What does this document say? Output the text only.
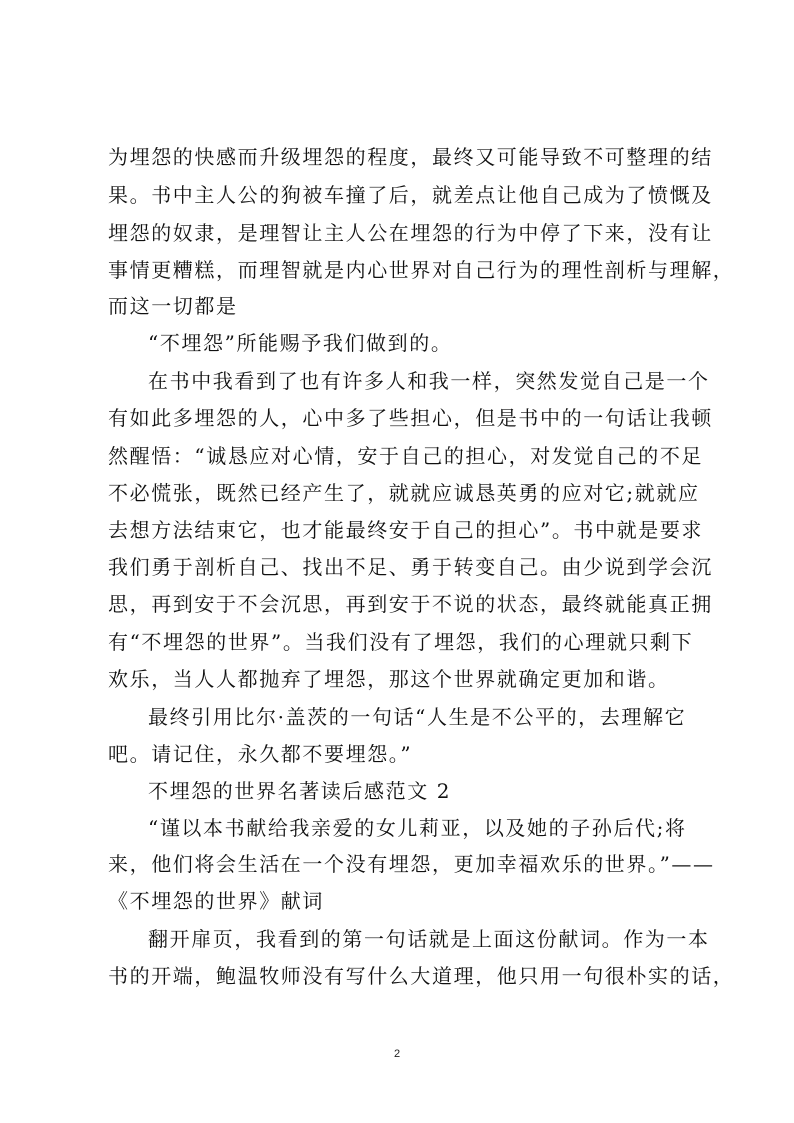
为埋怨的快感而升级埋怨的程度，最终又可能导致不可整理的结
果。书中主人公的狗被车撞了后，就差点让他自己成为了愤慨及
埋怨的奴隶，是理智让主人公在埋怨的行为中停了下来，没有让
事情更糟糕，而理智就是内心世界对自己行为的理性剖析与理解，
而这一切都是
“不埋怨”所能赐予我们做到的。
在书中我看到了也有许多人和我一样，突然发觉自己是一个
有如此多埋怨的人，心中多了些担心，但是书中的一句话让我顿
然醒悟：“诚恳应对心情，安于自己的担心，对发觉自己的不足
不必慌张，既然已经产生了，就就应诚恳英勇的应对它;就就应
去想方法结束它，也才能最终安于自己的担心”。书中就是要求
我们勇于剖析自己、找出不足、勇于转变自己。由少说到学会沉
思，再到安于不会沉思，再到安于不说的状态，最终就能真正拥
有“不埋怨的世界”。当我们没有了埋怨，我们的心理就只剩下
欢乐，当人人都抛弃了埋怨，那这个世界就确定更加和谐。
最终引用比尔·盖茨的一句话“人生是不公平的，去理解它
吧。请记住，永久都不要埋怨。”
不埋怨的世界名著读后感范文 2
“谨以本书献给我亲爱的女儿莉亚，以及她的子孙后代;将
来，他们将会生活在一个没有埋怨，更加幸福欢乐的世界。”——
《不埋怨的世界》献词
翻开扉页，我看到的第一句话就是上面这份献词。作为一本
书的开端，鲍温牧师没有写什么大道理，他只用一句很朴实的话，
2
